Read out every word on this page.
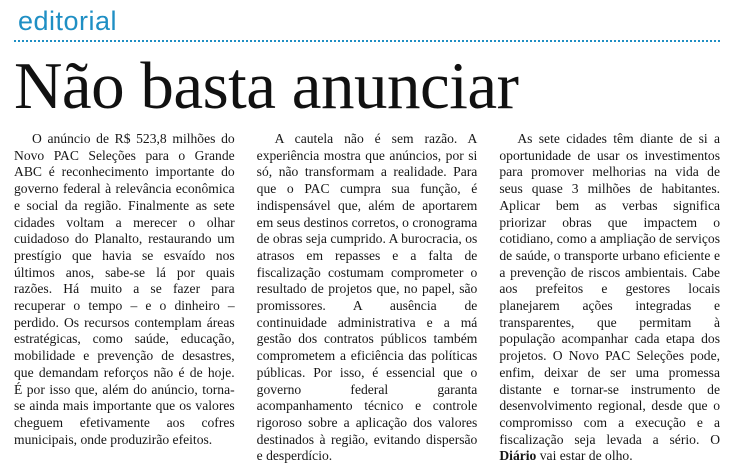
editorial
Não basta anunciar

O anúncio de R$ 523,8 milhões do Novo PAC Seleções para o Grande ABC é reconhecimento importante do governo federal à relevância econômica e social da região. Finalmente as sete cidades voltam a merecer o olhar cuidadoso do Planalto, restaurando um prestígio que havia se esvaído nos últimos anos, sabe-se lá por quais razões. Há muito a se fazer para recuperar o tempo – e o dinheiro – perdido. Os recursos contemplam áreas estratégicas, como saúde, educação, mobilidade e prevenção de desastres, que demandam reforços não é de hoje. É por isso que, além do anúncio, torna-se ainda mais importante que os valores cheguem efetivamente aos cofres municipais, onde produzirão efeitos.

A cautela não é sem razão. A experiência mostra que anúncios, por si só, não transformam a realidade. Para que o PAC cumpra sua função, é indispensável que, além de aportarem em seus destinos corretos, o cronograma de obras seja cumprido. A burocracia, os atrasos em repasses e a falta de fiscalização costumam comprometer o resultado de projetos que, no papel, são promissores. A ausência de continuidade administrativa e a má gestão dos contratos públicos também comprometem a eficiência das políticas públicas. Por isso, é essencial que o governo federal garanta acompanhamento técnico e controle rigoroso sobre a aplicação dos valores destinados à região, evitando dispersão e desperdício.

As sete cidades têm diante de si a oportunidade de usar os investimentos para promover melhorias na vida de seus quase 3 milhões de habitantes. Aplicar bem as verbas significa priorizar obras que impactem o cotidiano, como a ampliação de serviços de saúde, o transporte urbano eficiente e a prevenção de riscos ambientais. Cabe aos prefeitos e gestores locais planejarem ações integradas e transparentes, que permitam à população acompanhar cada etapa dos projetos. O Novo PAC Seleções pode, enfim, deixar de ser uma promessa distante e tornar-se instrumento de desenvolvimento regional, desde que o compromisso com a execução e a fiscalização seja levada a sério. O Diário vai estar de olho.
